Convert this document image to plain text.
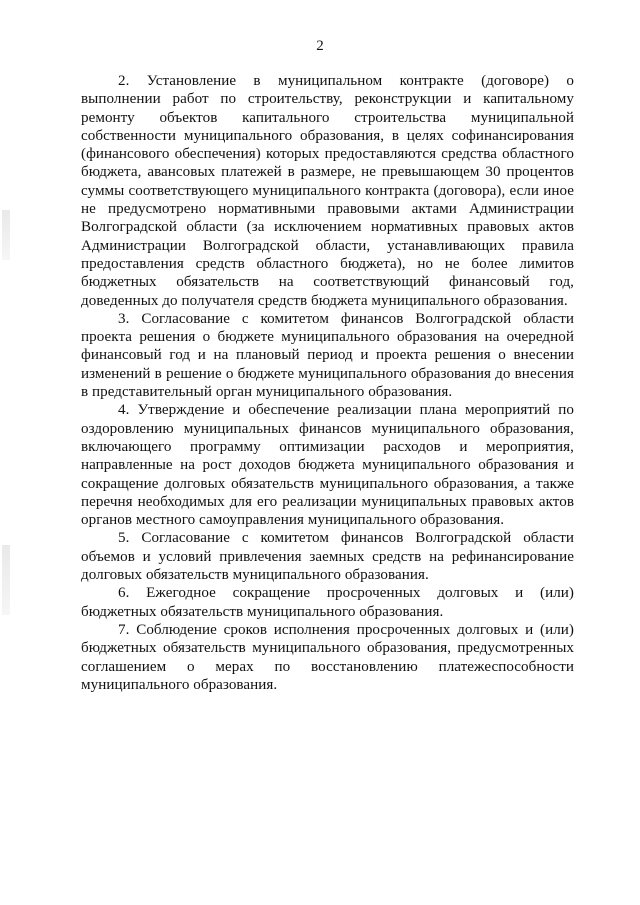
2

2. Установление в муниципальном контракте (договоре) о выполнении работ по строительству, реконструкции и капитальному ремонту объектов капитального строительства муниципальной собственности муниципального образования, в целях софинансирования (финансового обеспечения) которых предоставляются средства областного бюджета, авансовых платежей в размере, не превышающем 30 процентов суммы соответствующего муниципального контракта (договора), если иное не предусмотрено нормативными правовыми актами Администрации Волгоградской области (за исключением нормативных правовых актов Администрации Волгоградской области, устанавливающих правила предоставления средств областного бюджета), но не более лимитов бюджетных обязательств на соответствующий финансовый год, доведенных до получателя средств бюджета муниципального образования.

3. Согласование с комитетом финансов Волгоградской области проекта решения о бюджете муниципального образования на очередной финансовый год и на плановый период и проекта решения о внесении изменений в решение о бюджете муниципального образования до внесения в представительный орган муниципального образования.

4. Утверждение и обеспечение реализации плана мероприятий по оздоровлению муниципальных финансов муниципального образования, включающего программу оптимизации расходов и мероприятия, направленные на рост доходов бюджета муниципального образования и сокращение долговых обязательств муниципального образования, а также перечня необходимых для его реализации муниципальных правовых актов органов местного самоуправления муниципального образования.

5. Согласование с комитетом финансов Волгоградской области объемов и условий привлечения заемных средств на рефинансирование долговых обязательств муниципального образования.

6. Ежегодное сокращение просроченных долговых и (или) бюджетных обязательств муниципального образования.

7. Соблюдение сроков исполнения просроченных долговых и (или) бюджетных обязательств муниципального образования, предусмотренных соглашением о мерах по восстановлению платежеспособности муниципального образования.
